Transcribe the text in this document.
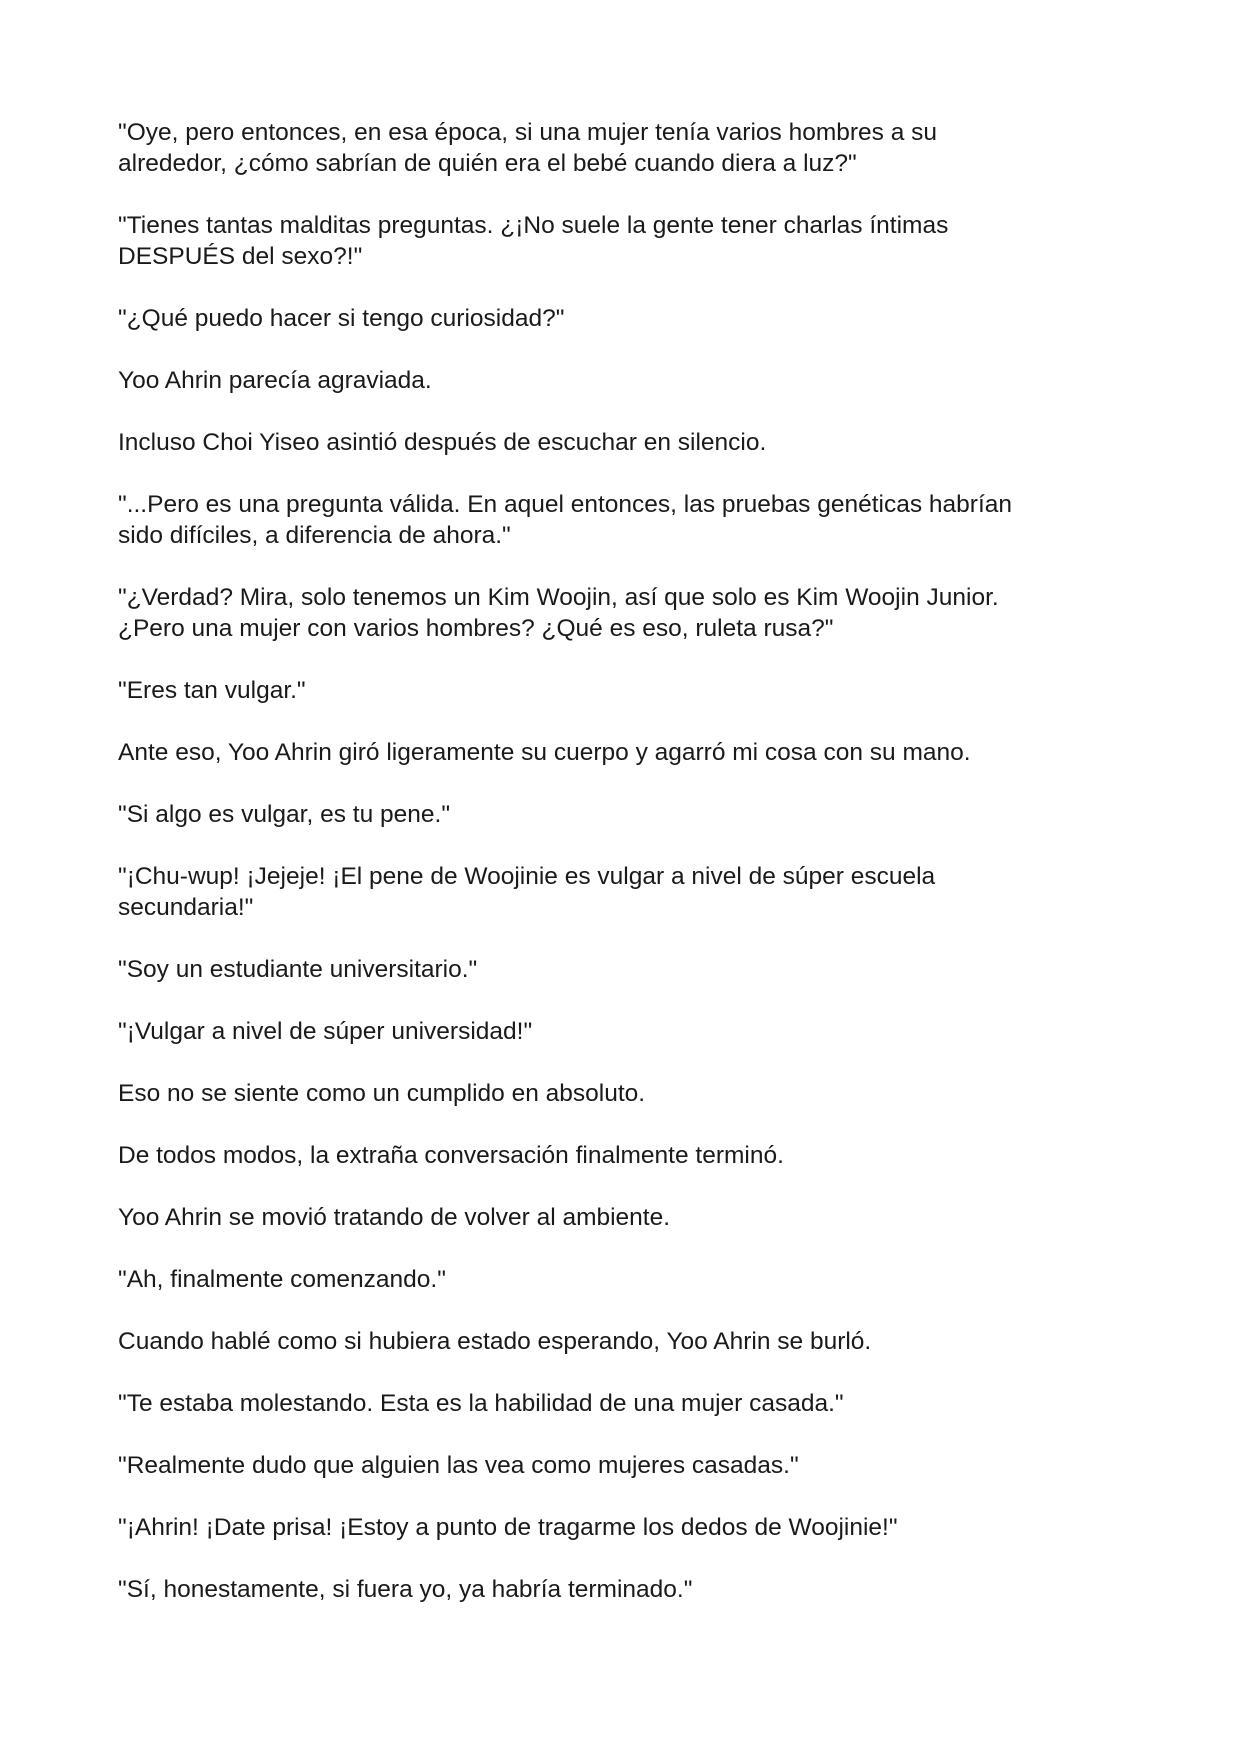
"Oye, pero entonces, en esa época, si una mujer tenía varios hombres a su
alrededor, ¿cómo sabrían de quién era el bebé cuando diera a luz?"

"Tienes tantas malditas preguntas. ¿¡No suele la gente tener charlas íntimas
DESPUÉS del sexo?!"

"¿Qué puedo hacer si tengo curiosidad?"

Yoo Ahrin parecía agraviada.

Incluso Choi Yiseo asintió después de escuchar en silencio.

"...Pero es una pregunta válida. En aquel entonces, las pruebas genéticas habrían
sido difíciles, a diferencia de ahora."

"¿Verdad? Mira, solo tenemos un Kim Woojin, así que solo es Kim Woojin Junior.
¿Pero una mujer con varios hombres? ¿Qué es eso, ruleta rusa?"

"Eres tan vulgar."

Ante eso, Yoo Ahrin giró ligeramente su cuerpo y agarró mi cosa con su mano.

"Si algo es vulgar, es tu pene."

"¡Chu-wup! ¡Jejeje! ¡El pene de Woojinie es vulgar a nivel de súper escuela
secundaria!"

"Soy un estudiante universitario."

"¡Vulgar a nivel de súper universidad!"

Eso no se siente como un cumplido en absoluto.

De todos modos, la extraña conversación finalmente terminó.

Yoo Ahrin se movió tratando de volver al ambiente.

"Ah, finalmente comenzando."

Cuando hablé como si hubiera estado esperando, Yoo Ahrin se burló.

"Te estaba molestando. Esta es la habilidad de una mujer casada."

"Realmente dudo que alguien las vea como mujeres casadas."

"¡Ahrin! ¡Date prisa! ¡Estoy a punto de tragarme los dedos de Woojinie!"

"Sí, honestamente, si fuera yo, ya habría terminado."
